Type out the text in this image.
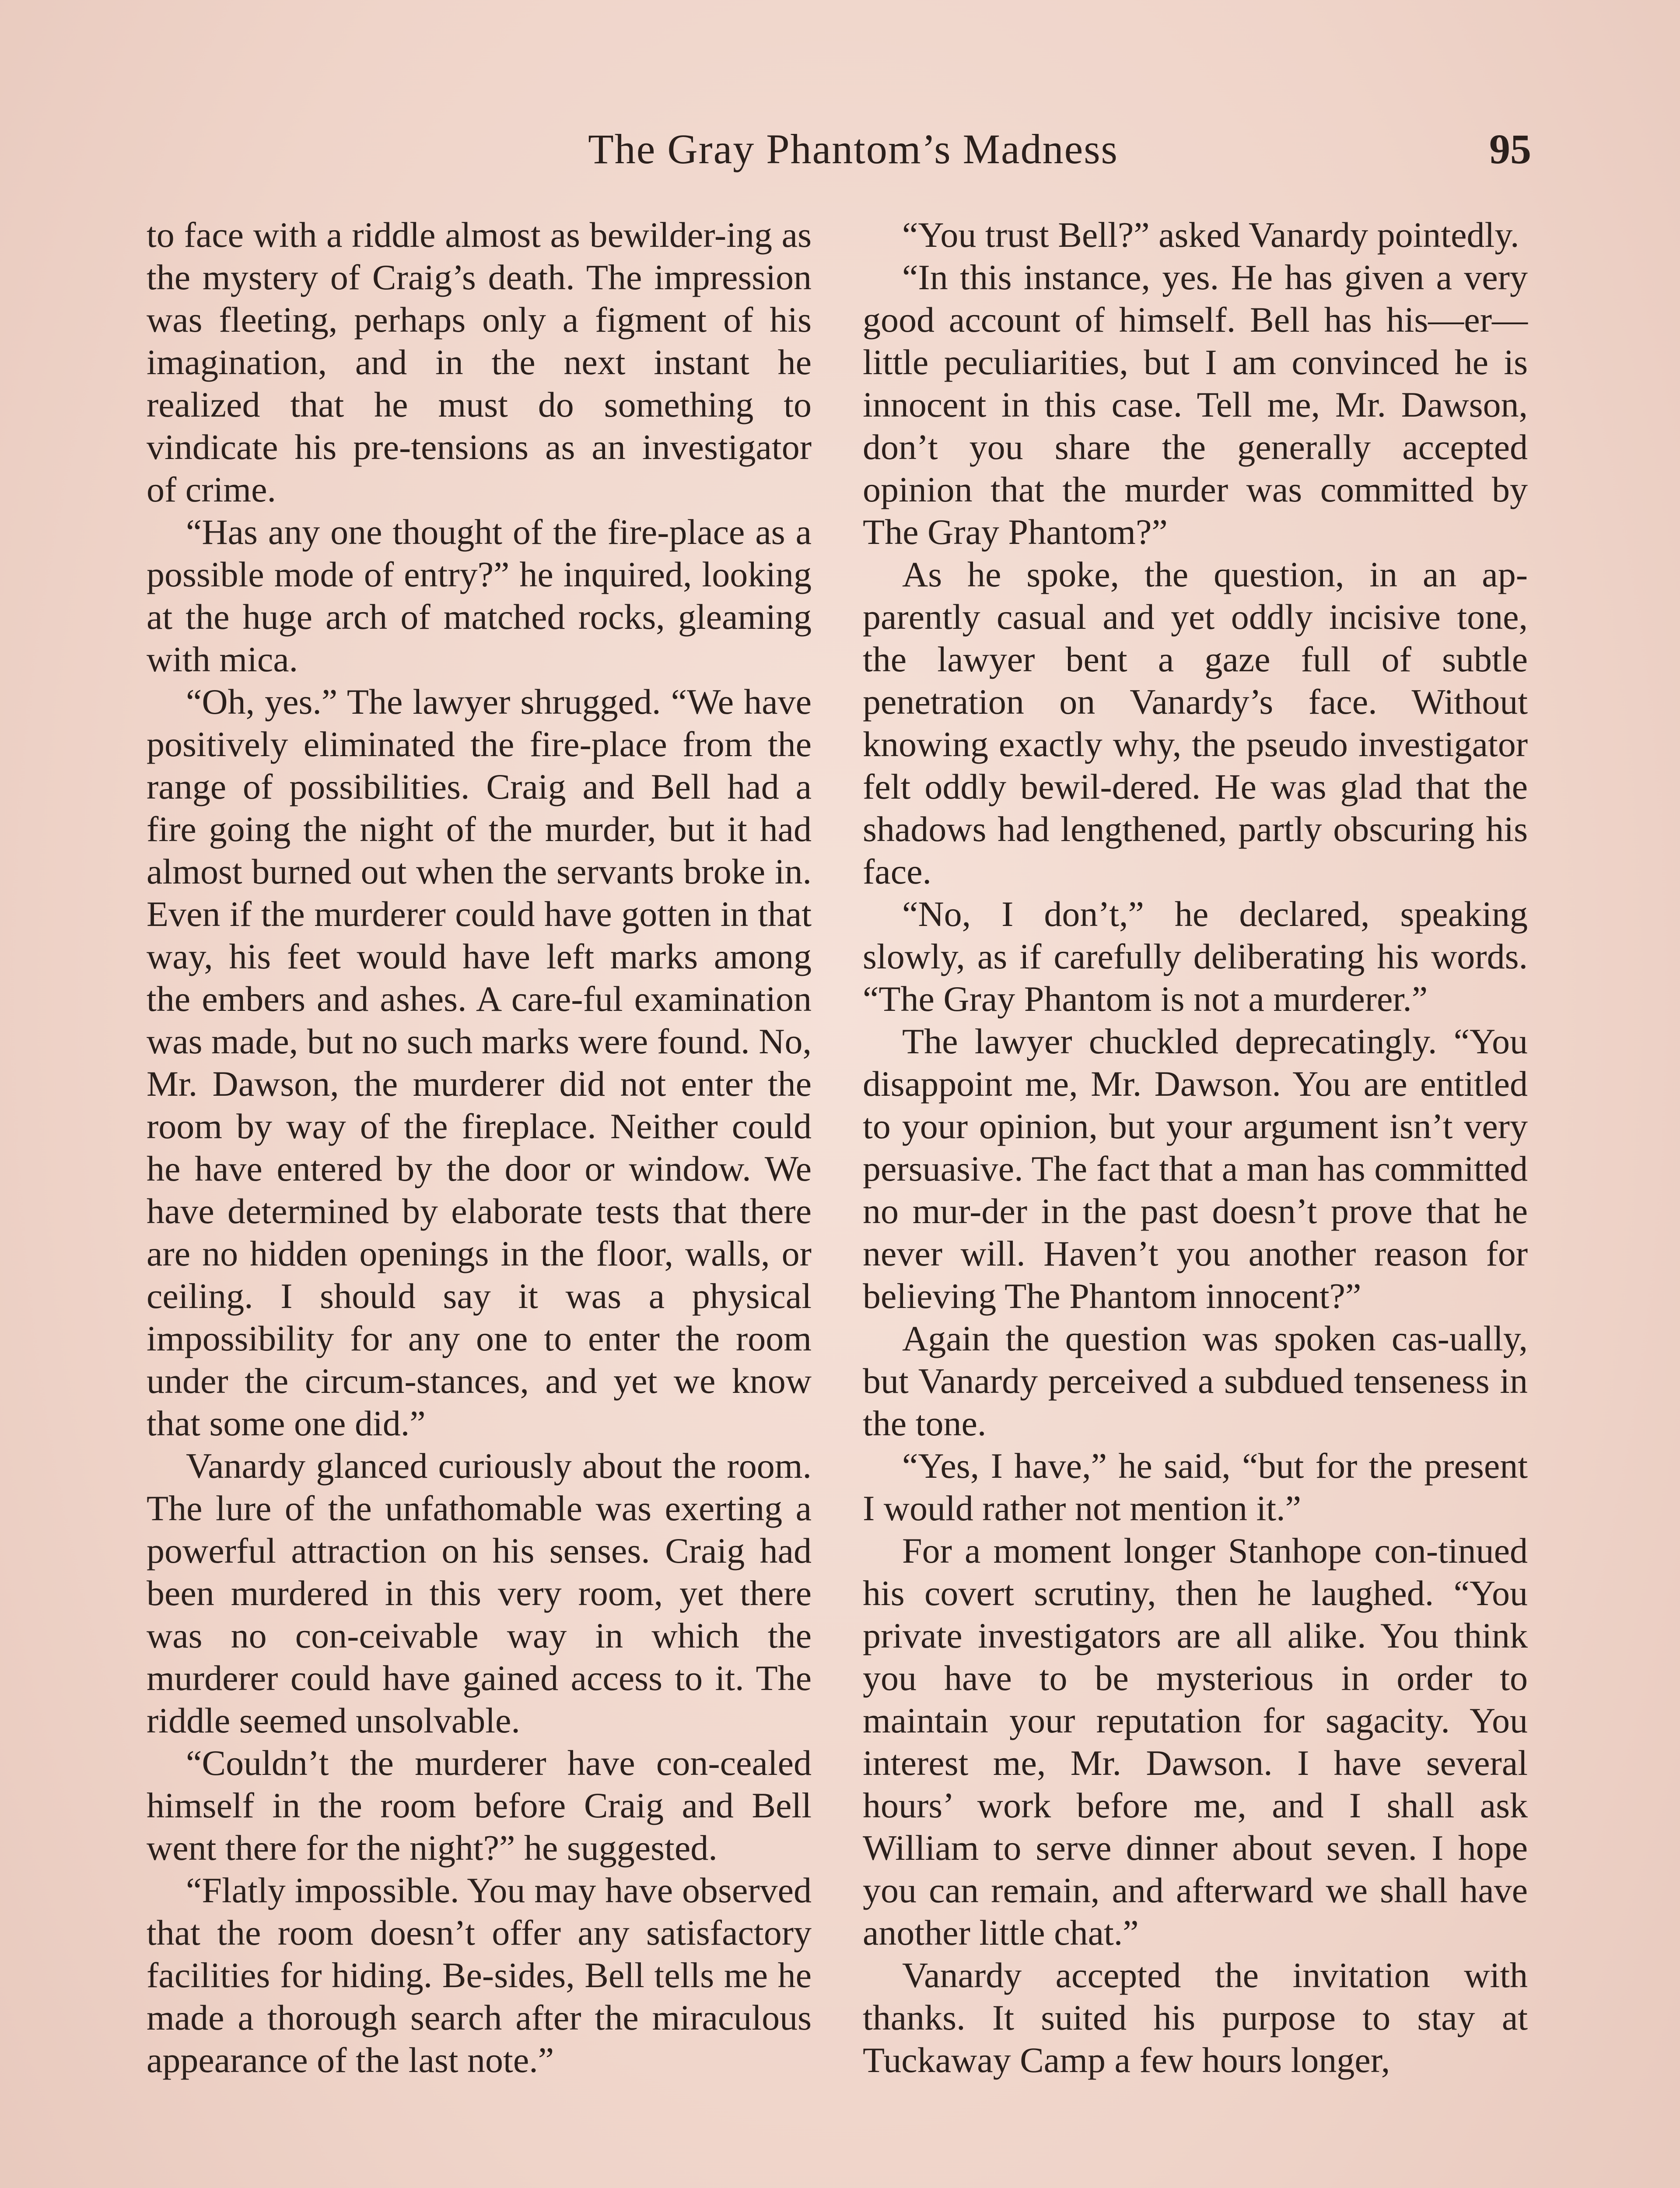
The Gray Phantom’s Madness	95

to face with a riddle almost as bewilder-ing as the mystery of Craig’s death. The impression was fleeting, perhaps only a figment of his imagination, and in the next instant he realized that he must do something to vindicate his pre-tensions as an investigator of crime.

“Has any one thought of the fire-place as a possible mode of entry?” he inquired, looking at the huge arch of matched rocks, gleaming with mica.

“Oh, yes.” The lawyer shrugged. “We have positively eliminated the fire-place from the range of possibilities. Craig and Bell had a fire going the night of the murder, but it had almost burned out when the servants broke in. Even if the murderer could have gotten in that way, his feet would have left marks among the embers and ashes. A care-ful examination was made, but no such marks were found. No, Mr. Dawson, the murderer did not enter the room by way of the fireplace. Neither could he have entered by the door or window. We have determined by elaborate tests that there are no hidden openings in the floor, walls, or ceiling. I should say it was a physical impossibility for any one to enter the room under the circum-stances, and yet we know that some one did.”

Vanardy glanced curiously about the room. The lure of the unfathomable was exerting a powerful attraction on his senses. Craig had been murdered in this very room, yet there was no con-ceivable way in which the murderer could have gained access to it. The riddle seemed unsolvable.

“Couldn’t the murderer have con-cealed himself in the room before Craig and Bell went there for the night?” he suggested.

“Flatly impossible. You may have observed that the room doesn’t offer any satisfactory facilities for hiding. Be-sides, Bell tells me he made a thorough search after the miraculous appearance of the last note.”

“You trust Bell?” asked Vanardy pointedly.

“In this instance, yes. He has given a very good account of himself. Bell has his—er—little peculiarities, but I am convinced he is innocent in this case. Tell me, Mr. Dawson, don’t you share the generally accepted opinion that the murder was committed by The Gray Phantom?”

As he spoke, the question, in an ap-parently casual and yet oddly incisive tone, the lawyer bent a gaze full of subtle penetration on Vanardy’s face. Without knowing exactly why, the pseudo investigator felt oddly bewil-dered. He was glad that the shadows had lengthened, partly obscuring his face.

“No, I don’t,” he declared, speaking slowly, as if carefully deliberating his words. “The Gray Phantom is not a murderer.”

The lawyer chuckled deprecatingly. “You disappoint me, Mr. Dawson. You are entitled to your opinion, but your argument isn’t very persuasive. The fact that a man has committed no mur-der in the past doesn’t prove that he never will. Haven’t you another reason for believing The Phantom innocent?”

Again the question was spoken cas-ually, but Vanardy perceived a subdued tenseness in the tone.

“Yes, I have,” he said, “but for the present I would rather not mention it.”

For a moment longer Stanhope con-tinued his covert scrutiny, then he laughed. “You private investigators are all alike. You think you have to be mysterious in order to maintain your reputation for sagacity. You interest me, Mr. Dawson. I have several hours’ work before me, and I shall ask William to serve dinner about seven. I hope you can remain, and afterward we shall have another little chat.”

Vanardy accepted the invitation with thanks. It suited his purpose to stay at Tuckaway Camp a few hours longer,
